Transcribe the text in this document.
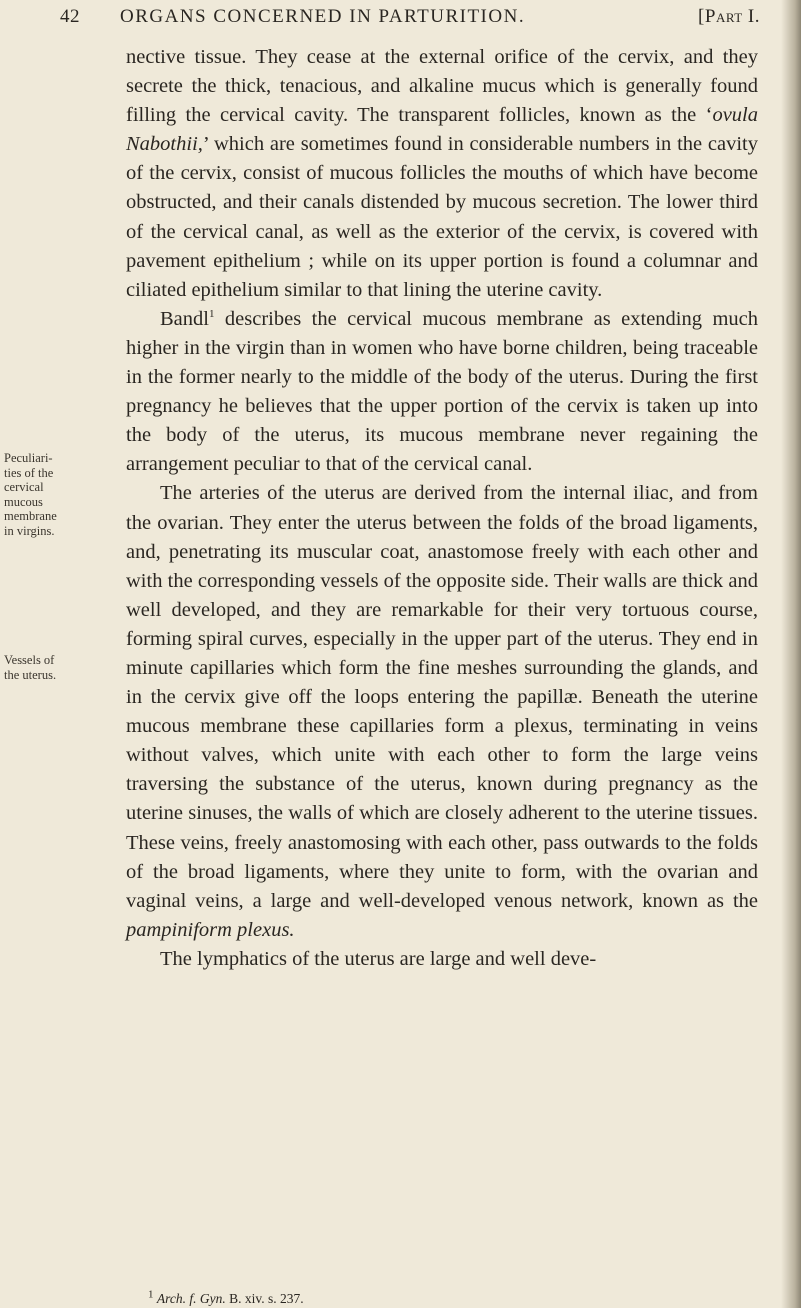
42 ORGANS CONCERNED IN PARTURITION.	[Part I.
Peculiari-
ties of the
cervical
mucous
membrane
in virgins.
Vessels of
the uterus.

nective tissue. They cease at the external orifice of the cervix, and they secrete the thick, tenacious, and alkaline mucus which is generally found filling the cervical cavity. The transparent follicles, known as the ‘ovula Nabothii,’ which are sometimes found in considerable numbers in the cavity of the cervix, consist of mucous follicles the mouths of which have become obstructed, and their canals distended by mucous secretion. The lower third of the cervical canal, as well as the exterior of the cervix, is covered with pavement epithelium ; while on its upper portion is found a columnar and ciliated epithelium similar to that lining the uterine cavity.

Bandl$^1$ describes the cervical mucous membrane as extending much higher in the virgin than in women who have borne children, being traceable in the former nearly to the middle of the body of the uterus. During the first pregnancy he believes that the upper portion of the cervix is taken up into the body of the uterus, its mucous membrane never regaining the arrangement peculiar to that of the cervical canal.

The arteries of the uterus are derived from the internal iliac, and from the ovarian. They enter the uterus between the folds of the broad ligaments, and, penetrating its muscular coat, anastomose freely with each other and with the corresponding vessels of the opposite side. Their walls are thick and well developed, and they are remarkable for their very tortuous course, forming spiral curves, especially in the upper part of the uterus. They end in minute capillaries which form the fine meshes surrounding the glands, and in the cervix give off the loops entering the papillæ. Beneath the uterine mucous membrane these capillaries form a plexus, terminating in veins without valves, which unite with each other to form the large veins traversing the substance of the uterus, known during pregnancy as the uterine sinuses, the walls of which are closely adherent to the uterine tissues. These veins, freely anastomosing with each other, pass outwards to the folds of the broad ligaments, where they unite to form, with the ovarian and vaginal veins, a large and well-developed venous network, known as the pampiniform plexus.

The lymphatics of the uterus are large and well deve-

$^1$ Arch. f. Gyn. B. xiv. s. 237.
